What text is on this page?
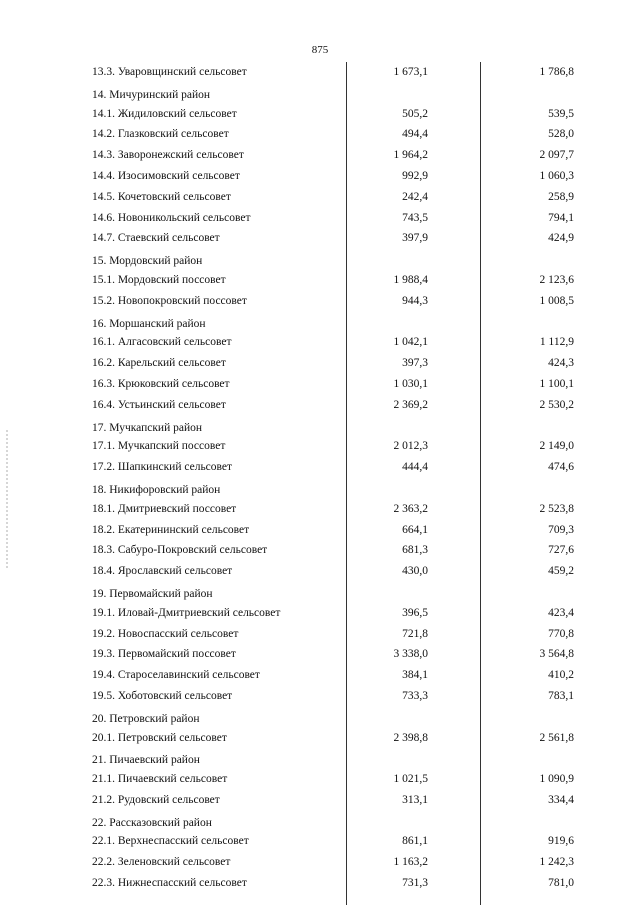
875
13.3. Уваровщинский сельсовет	1 673,1	1 786,8
14. Мичуринский район
14.1. Жидиловский сельсовет	505,2	539,5
14.2. Глазковский сельсовет	494,4	528,0
14.3. Заворонежский сельсовет	1 964,2	2 097,7
14.4. Изосимовский сельсовет	992,9	1 060,3
14.5. Кочетовский сельсовет	242,4	258,9
14.6. Новоникольский сельсовет	743,5	794,1
14.7. Стаевский сельсовет	397,9	424,9
15. Мордовский район
15.1. Мордовский поссовет	1 988,4	2 123,6
15.2. Новопокровский поссовет	944,3	1 008,5
16. Моршанский район
16.1. Алгасовский сельсовет	1 042,1	1 112,9
16.2. Карельский сельсовет	397,3	424,3
16.3. Крюковский сельсовет	1 030,1	1 100,1
16.4. Устьинский сельсовет	2 369,2	2 530,2
17. Мучкапский район
17.1. Мучкапский поссовет	2 012,3	2 149,0
17.2. Шапкинский сельсовет	444,4	474,6
18. Никифоровский район
18.1. Дмитриевский поссовет	2 363,2	2 523,8
18.2. Екатерининский сельсовет	664,1	709,3
18.3. Сабуро-Покровский сельсовет	681,3	727,6
18.4. Ярославский сельсовет	430,0	459,2
19. Первомайский район
19.1. Иловай-Дмитриевский сельсовет	396,5	423,4
19.2. Новоспасский сельсовет	721,8	770,8
19.3. Первомайский поссовет	3 338,0	3 564,8
19.4. Староселавинский сельсовет	384,1	410,2
19.5. Хоботовский сельсовет	733,3	783,1
20. Петровский район
20.1. Петровский сельсовет	2 398,8	2 561,8
21. Пичаевский район
21.1. Пичаевский сельсовет	1 021,5	1 090,9
21.2. Рудовский сельсовет	313,1	334,4
22. Рассказовский район
22.1. Верхнеспасский сельсовет	861,1	919,6
22.2. Зеленовский сельсовет	1 163,2	1 242,3
22.3. Нижнеспасский сельсовет	731,3	781,0
